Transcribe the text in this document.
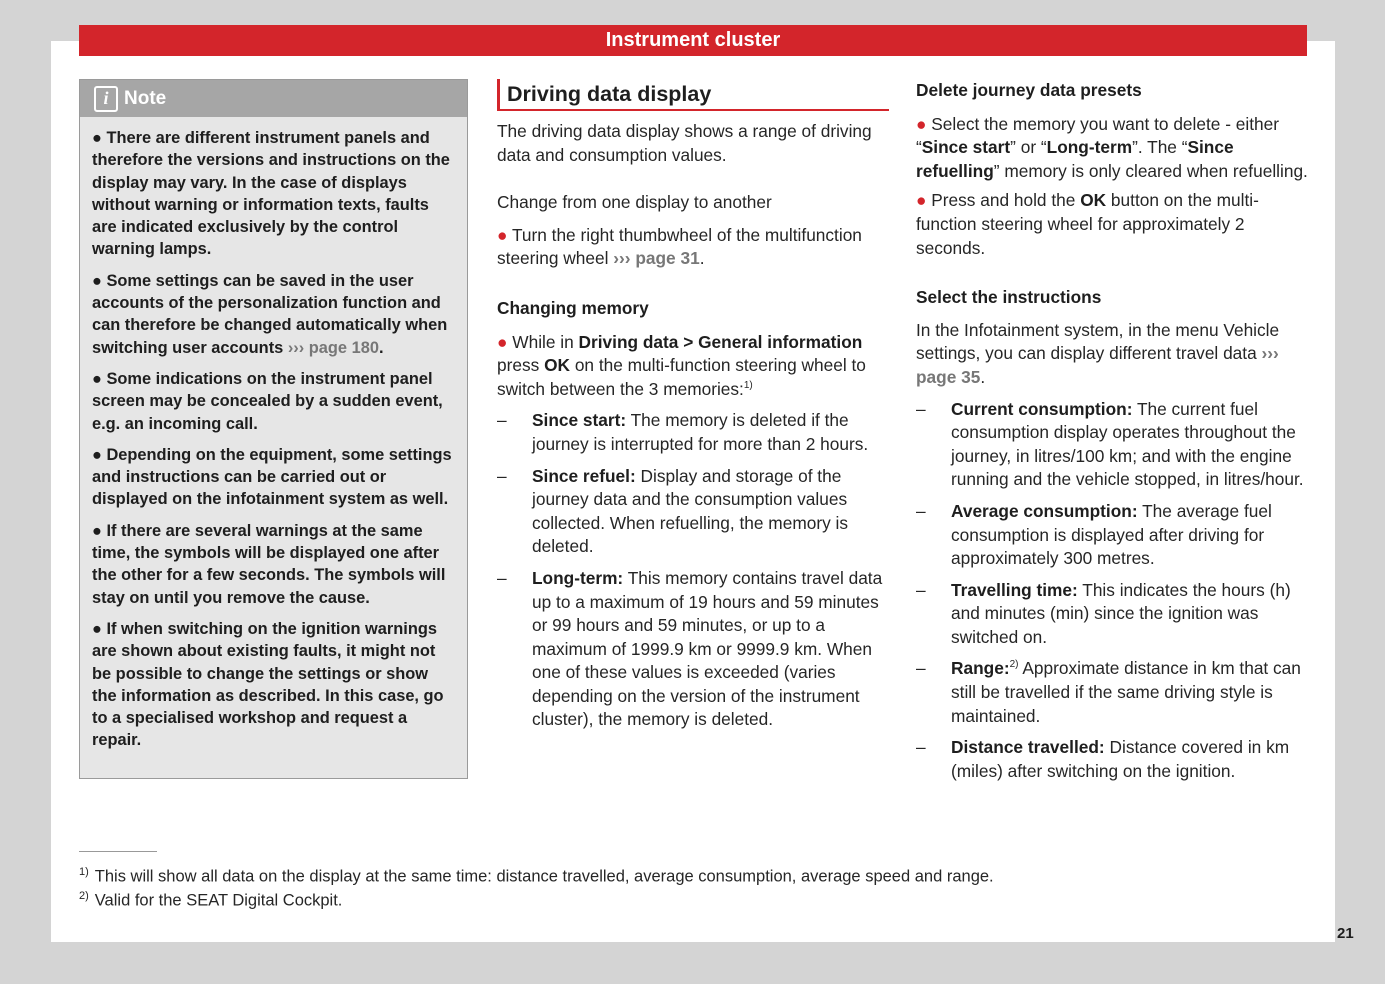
Instrument cluster
i Note

● There are different instrument panels and therefore the versions and instructions on the display may vary. In the case of displays without warning or information texts, faults are indicated exclusively by the control warning lamps.

● Some settings can be saved in the user accounts of the personalization function and can therefore be changed automatically when switching user accounts ››› page 180.

● Some indications on the instrument panel screen may be concealed by a sudden event, e.g. an incoming call.

● Depending on the equipment, some settings and instructions can be carried out or displayed on the infotainment system as well.

● If there are several warnings at the same time, the symbols will be displayed one after the other for a few seconds. The symbols will stay on until you remove the cause.

● If when switching on the ignition warnings are shown about existing faults, it might not be possible to change the settings or show the information as described. In this case, go to a specialised workshop and request a repair.

Driving data display

The driving data display shows a range of driving data and consumption values.

Change from one display to another

● Turn the right thumbwheel of the multifunction steering wheel ››› page 31.

Changing memory

● While in Driving data > General information press OK on the multi-function steering wheel to switch between the 3 memories:$^{1)}$

– Since start: The memory is deleted if the journey is interrupted for more than 2 hours.

– Since refuel: Display and storage of the journey data and the consumption values collected. When refuelling, the memory is deleted.

– Long-term: This memory contains travel data up to a maximum of 19 hours and 59 minutes or 99 hours and 59 minutes, or up to a maximum of 1999.9 km or 9999.9 km. When one of these values is exceeded (varies depending on the version of the instrument cluster), the memory is deleted.

Delete journey data presets

● Select the memory you want to delete - either “Since start” or “Long-term”. The “Since refuelling” memory is only cleared when refuelling.

● Press and hold the OK button on the multi-function steering wheel for approximately 2 seconds.

Select the instructions

In the Infotainment system, in the menu Vehicle settings, you can display different travel data ››› page 35.

– Current consumption: The current fuel consumption display operates throughout the journey, in litres/100 km; and with the engine running and the vehicle stopped, in litres/hour.

– Average consumption: The average fuel consumption is displayed after driving for approximately 300 metres.

– Travelling time: This indicates the hours (h) and minutes (min) since the ignition was switched on.

– Range:$^{2)}$ Approximate distance in km that can still be travelled if the same driving style is maintained.

– Distance travelled: Distance covered in km (miles) after switching on the ignition.

$^{1)}$ This will show all data on the display at the same time: distance travelled, average consumption, average speed and range.
$^{2)}$ Valid for the SEAT Digital Cockpit.
21
